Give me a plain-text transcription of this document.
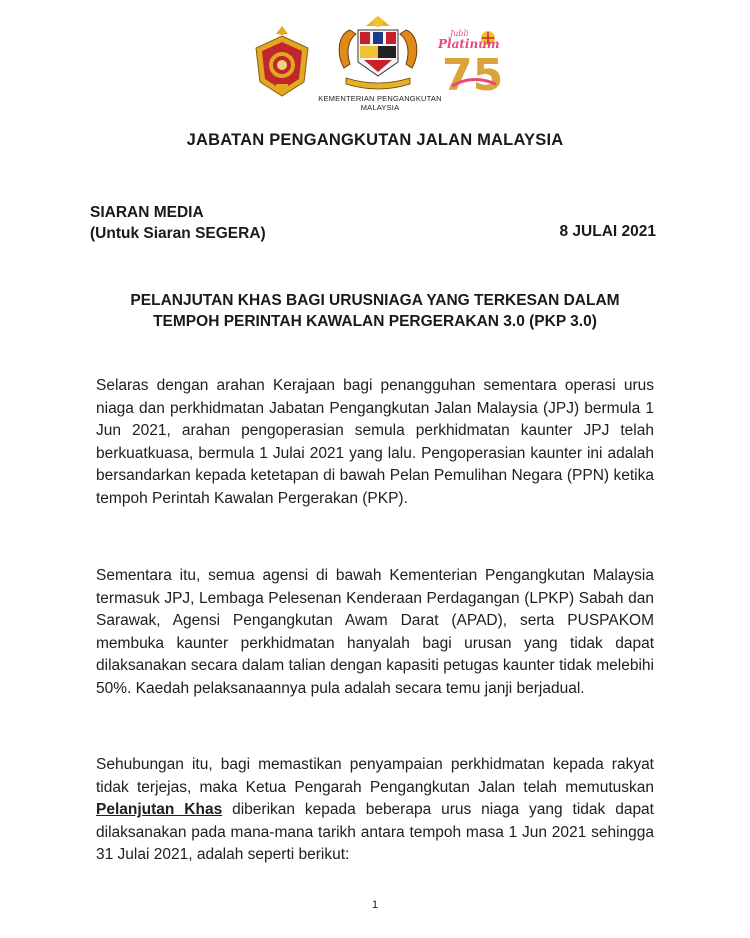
KEMENTERIAN PENGANGKUTAN
MALAYSIA
Jubli
Platinum
75
JABATAN PENGANGKUTAN JALAN MALAYSIA
SIARAN MEDIA
(Untuk Siaran SEGERA)	8 JULAI 2021
PELANJUTAN KHAS BAGI URUSNIAGA YANG TERKESAN DALAM
TEMPOH PERINTAH KAWALAN PERGERAKAN 3.0 (PKP 3.0)
Selaras dengan arahan Kerajaan bagi penangguhan sementara operasi urus niaga dan perkhidmatan Jabatan Pengangkutan Jalan Malaysia (JPJ) bermula 1 Jun 2021, arahan pengoperasian semula perkhidmatan kaunter JPJ telah berkuatkuasa, bermula 1 Julai 2021 yang lalu. Pengoperasian kaunter ini adalah bersandarkan kepada ketetapan di bawah Pelan Pemulihan Negara (PPN) ketika tempoh Perintah Kawalan Pergerakan (PKP).
Sementara itu, semua agensi di bawah Kementerian Pengangkutan Malaysia termasuk JPJ, Lembaga Pelesenan Kenderaan Perdagangan (LPKP) Sabah dan Sarawak, Agensi Pengangkutan Awam Darat (APAD), serta PUSPAKOM membuka kaunter perkhidmatan hanyalah bagi urusan yang tidak dapat dilaksanakan secara dalam talian dengan kapasiti petugas kaunter tidak melebihi 50%. Kaedah pelaksanaannya pula adalah secara temu janji berjadual.
Sehubungan itu, bagi memastikan penyampaian perkhidmatan kepada rakyat tidak terjejas, maka Ketua Pengarah Pengangkutan Jalan telah memutuskan Pelanjutan Khas diberikan kepada beberapa urus niaga yang tidak dapat dilaksanakan pada mana-mana tarikh antara tempoh masa 1 Jun 2021 sehingga 31 Julai 2021, adalah seperti berikut:
1
